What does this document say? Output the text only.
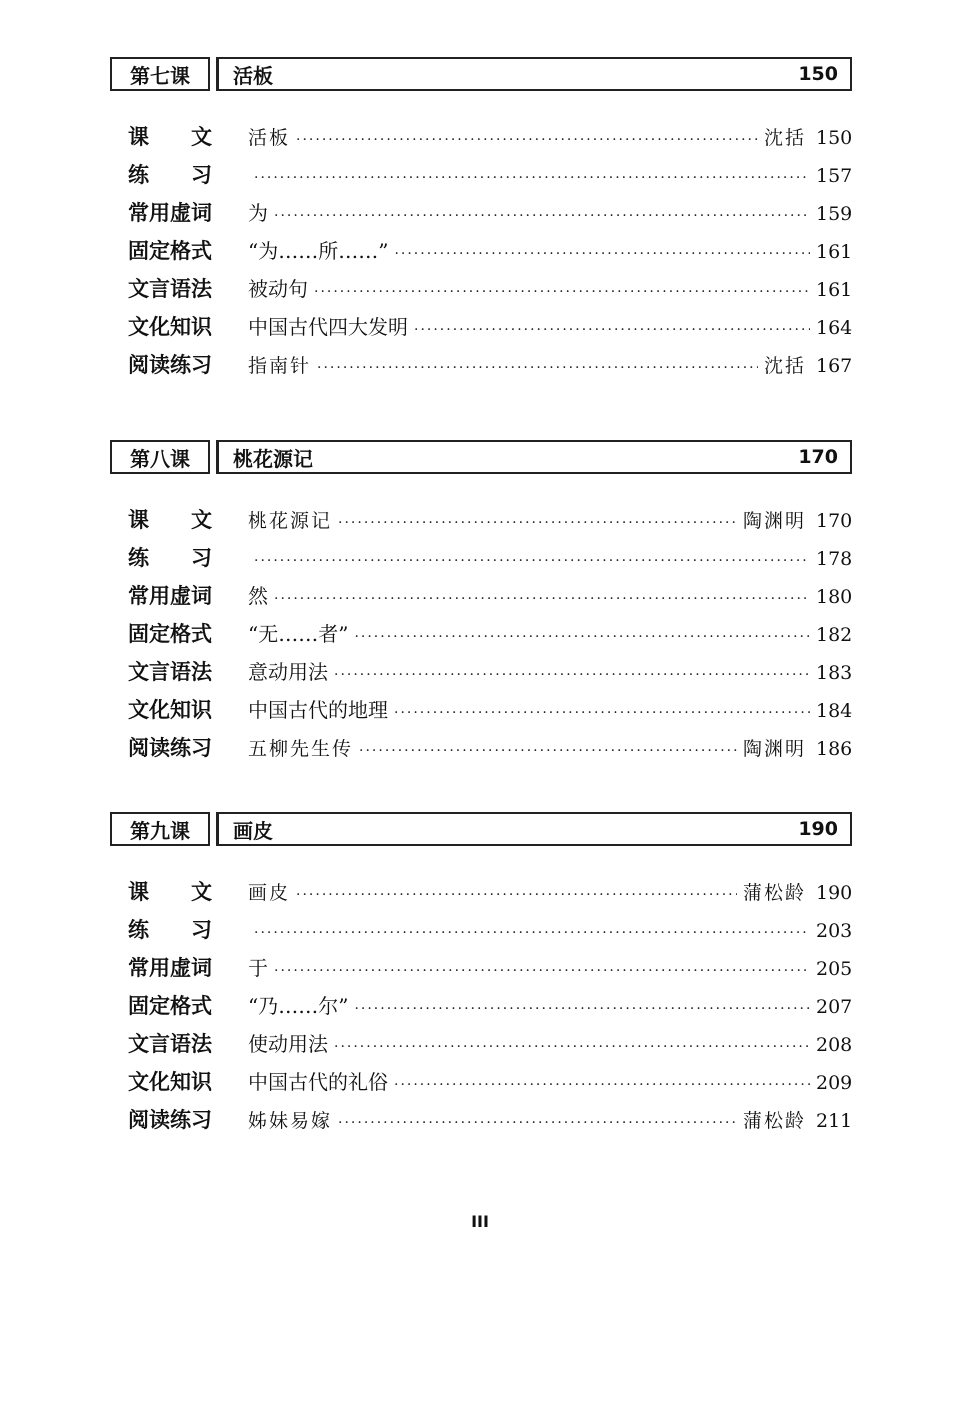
第七课	活板	150
课　　文	活板 ·····	沈括 150
练　　习 ·····	157
常用虚词	为 ·····	159
固定格式	“为……所……” ·····	161
文言语法	被动句 ·····	161
文化知识	中国古代四大发明 ·····	164
阅读练习	指南针 ·····	沈括 167
第八课	桃花源记	170
课　　文	桃花源记 ·····	陶渊明 170
练　　习 ·····	178
常用虚词	然 ·····	180
固定格式	“无……者” ·····	182
文言语法	意动用法 ·····	183
文化知识	中国古代的地理 ·····	184
阅读练习	五柳先生传 ·····	陶渊明 186
第九课	画皮	190
课　　文	画皮 ·····	蒲松龄 190
练　　习 ·····	203
常用虚词	于 ·····	205
固定格式	“乃……尔” ·····	207
文言语法	使动用法 ·····	208
文化知识	中国古代的礼俗 ·····	209
阅读练习	姊妹易嫁 ·····	蒲松龄 211
III
